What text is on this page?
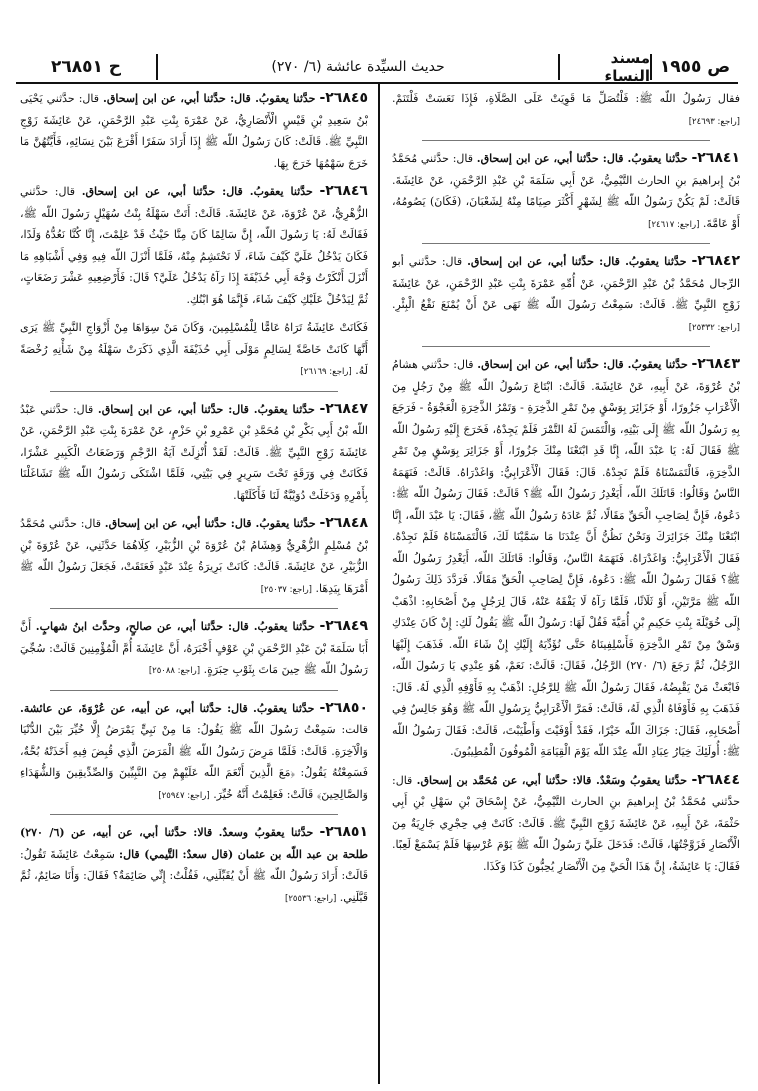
ص ١٩٥٥
مسند النساء
حديث السيِّدة عائشة (٦/ ٢٧٠)
ح ٢٦٨٥١

فقال رَسُولُ اللّه ﷺ: فَلْتُصَلِّ مَا قَوِيَتْ عَلَى الصَّلَاةِ، فَإِذَا نَعَسَتْ فَلْتَنَمْ. [راجع: ٢٤٦٩٣]

٢٦٨٤١- حدَّثنا يعقوبُ. قال: حدَّثنا أبي، عن ابن إسحاق. قال: حدَّثني مُحَمَّدُ بْنُ إِبراهيمَ بنِ الحارث التَّيْمِيُّ، عَنْ أَبِي سَلَمَةَ بْنِ عَبْدِ الرَّحْمَنِ، عَنْ عَائِشَةَ. قَالَتْ: لَمْ يَكُنْ رَسُولُ اللّه ﷺ لِشَهْرٍ أَكْثَرَ صِيَامًا مِنْهُ لِشَعْبَانَ، (فَكَانَ) يَصُومُهُ، أَوْ عَامَّةَ. [راجع: ٢٤٦١٧]

٢٦٨٤٢- حدَّثنا يعقوبُ. قال: حدَّثنا أبي، عن ابن إسحاق. قال: حدَّثني أبو الرِّجال مُحَمَّدُ بْنُ عَبْدِ الرَّحْمَنِ، عَنْ أُمِّهِ عَمْرَةَ بِنْتِ عَبْدِ الرَّحْمَنِ، عَنْ عَائِشَةَ زَوْجِ النَّبِيِّ ﷺ. قَالَتْ: سَمِعْتُ رَسُولَ اللّه ﷺ نَهَى عَنْ أَنْ يُمْنَعَ نَقْعُ الْبِئْرِ. [راجع: ٢٥٣٣٢]

٢٦٨٤٣- حدَّثنا يعقوبُ. قال: حدَّثنا أبي، عن ابن إسحاق. قال: حدَّثني هشامُ بْنُ عُرْوَةَ، عَنْ أَبِيهِ، عَنْ عَائِشَةَ. قَالَتْ: ابْتَاعَ رَسُولُ اللّه ﷺ مِنْ رَجُلٍ مِنَ الْأَعْرَابِ جَزُورًا، أَوْ جَزَائِرَ بِوَسْقٍ مِنْ تَمْرِ الذَّخِرَةِ - وَتَمْرُ الذَّخِرَةِ الْعَجْوَةُ - فَرَجَعَ بِهِ رَسُولُ اللّه ﷺ إِلَى بَيْتِهِ، وَالْتَمَسَ لَهُ التَّمْرَ فَلَمْ يَجِدْهُ، فَخَرَجَ إِلَيْهِ رَسُولُ اللّه ﷺ فَقَالَ لَهُ: يَا عَبْدَ اللّه، إِنَّا قَدِ ابْتَعْنَا مِنْكَ جَزُورًا، أَوْ جَزَائِرَ بِوَسْقٍ مِنْ تَمْرِ الذَّخِرَةِ، فَالْتَمَسْنَاهُ فَلَمْ نَجِدْهُ. قَالَ: فَقَالَ الْأَعْرَابِيُّ: وَاغَدْرَاهُ. قَالَتْ: فَنَهَمَهُ النَّاسُ وَقَالُوا: قَاتَلَكَ اللّه، أَيَغْدِرُ رَسُولُ اللّه ﷺ؟ قَالَتْ: فَقَالَ رَسُولُ اللّه ﷺ: دَعُوهُ، فَإِنَّ لِصَاحِبِ الْحَقِّ مَقَالًا، ثُمَّ عَادَهُ رَسُولُ اللّه ﷺ، فَقَالَ: يَا عَبْدَ اللّه، إِنَّا ابْتَعْنَا مِنْكَ جَزَائِرَكَ وَنَحْنُ نَظُنُّ أَنَّ عِنْدَنَا مَا سَمَّيْنَا لَكَ، فَالْتَمَسْنَاهُ فَلَمْ نَجِدْهُ. فَقَالَ الْأَعْرَابِيُّ: وَاغَدْرَاهُ. فَنَهَمَهُ النَّاسُ، وَقَالُوا: قَاتَلَكَ اللّه، أَيَغْدِرُ رَسُولُ اللّه ﷺ؟ فَقَالَ رَسُولُ اللّه ﷺ: دَعُوهُ، فَإِنَّ لِصَاحِبِ الْحَقِّ مَقَالًا. فَرَدَّدَ ذَلِكَ رَسُولُ اللّه ﷺ مَرَّتَيْنِ، أَوْ ثَلَاثًا، فَلَمَّا رَآهُ لَا يَفْقَهُ عَنْهُ، قَالَ لِرَجُلٍ مِنْ أَصْحَابِهِ: اذْهَبْ إِلَى خُوَيْلَةَ بِنْتِ حَكِيمِ بْنِ أُمَيَّةَ فَقُلْ لَهَا: رَسُولُ اللّه ﷺ يَقُولُ لَكِ: إِنْ كَانَ عِنْدَكِ وَسْقٌ مِنْ تَمْرِ الذَّخِرَةِ فَأَسْلِفِينَاهُ حَتَّى نُؤَدِّيَهُ إِلَيْكِ إِنْ شَاءَ اللّه. فَذَهَبَ إِلَيْهَا الرَّجُلُ، ثُمَّ رَجَعَ (٦/ ٢٧٠) الرَّجُلُ، فَقَالَ: قَالَتْ: نَعَمْ، هُوَ عِنْدِي يَا رَسُولَ اللّه، فَابْعَثْ مَنْ يَقْبِضُهُ، فَقَالَ رَسُولُ اللّه ﷺ لِلرَّجُلِ: اذْهَبْ بِهِ فَأَوْفِهِ الَّذِي لَهُ. قَالَ: فَذَهَبَ بِهِ فَأَوْفَاهُ الَّذِي لَهُ، قَالَتْ: فَمَرَّ الْأَعْرَابِيُّ بِرَسُولِ اللّه ﷺ وَهُوَ جَالِسٌ فِي أَصْحَابِهِ، فَقَالَ: جَزَاكَ اللّه خَيْرًا، فَقَدْ أَوْفَيْتَ وَأَطْيَبْتَ، قَالَتْ: فَقَالَ رَسُولُ اللّه ﷺ: أُولَئِكَ خِيَارُ عِبَادِ اللّه عِنْدَ اللّه يَوْمَ الْقِيَامَةِ الْمُوفُونَ الْمُطِيبُونَ.

٢٦٨٤٤- حدَّثنا يعقوبُ وسَعْدٌ. قالا: حدَّثنا أبي، عن مُحَمَّد بن إسحاق. قال: حدَّثني مُحَمَّدُ بْنُ إِبراهيمَ بنِ الحارث التَّيْمِيُّ، عَنْ إِسْحَاقَ بْنِ سَهْلِ بْنِ أَبِي حَثْمَةَ، عَنْ أَبِيهِ، عَنْ عَائِشَةَ زَوْجِ النَّبِيِّ ﷺ. قَالَتْ: كَانَتْ فِي حِجْرِي جَارِيَةٌ مِنَ الْأَنْصَارِ فَزَوَّجْتُهَا، قَالَتْ: فَدَخَلَ عَلَيَّ رَسُولُ اللّه ﷺ يَوْمَ عُرْسِهَا فَلَمْ يَسْمَعْ لَعِبًا. فَقَالَ: يَا عَائِشَةُ، إِنَّ هَذَا الْحَيَّ مِنَ الْأَنْصَارِ يُحِبُّونَ كَذَا وَكَذَا.

٢٦٨٤٥- حدَّثنا يعقوبُ. قال: حدَّثنا أبي، عن ابن إسحاق. قال: حدَّثني يَحْيَى بْنُ سَعِيدِ بْنِ قَيْسٍ الْأَنْصَارِيُّ، عَنْ عَمْرَةَ بِنْتِ عَبْدِ الرَّحْمَنِ، عَنْ عَائِشَةَ زَوْجِ النَّبِيِّ ﷺ. قَالَتْ: كَانَ رَسُولُ اللّه ﷺ إِذَا أَرَادَ سَفَرًا أَقْرَعَ بَيْنَ نِسَائِهِ، فَأَيَّتُهُنَّ مَا خَرَجَ سَهْمُهَا خَرَجَ بِهَا.

٢٦٨٤٦- حدَّثنا يعقوبُ. قال: حدَّثنا أبي، عن ابن إسحاق. قال: حدَّثني الزُّهْرِيُّ، عَنْ عُرْوَةَ، عَنْ عَائِشَةَ. قَالَتْ: أَتَتْ سَهْلَةُ بِنْتُ سُهَيْلٍ رَسُولَ اللّه ﷺ، فَقَالَتْ لَهُ: يَا رَسُولَ اللّه، إِنَّ سَالِمًا كَانَ مِنَّا حَيْثُ قَدْ عَلِمْتَ، إِنَّا كُنَّا نَعُدُّهُ وَلَدًا، فَكَانَ يَدْخُلُ عَلَيَّ كَيْفَ شَاءَ، لَا نَحْتَشِمُ مِنْهُ، فَلَمَّا أَنْزَلَ اللّه فِيهِ وَفِي أَشْبَاهِهِ مَا أَنْزَلَ أَنْكَرْتُ وَجْهَ أَبِي حُذَيْفَةَ إِذَا رَآهُ يَدْخُلُ عَلَيَّ؟ قَالَ: فَأَرْضِعِيهِ عَشْرَ رَضَعَاتٍ، ثُمَّ لِيَدْخُلْ عَلَيْكِ كَيْفَ شَاءَ، فَإِنَّمَا هُوَ ابْنُكِ.

فَكَانَتْ عَائِشَةُ تَرَاهُ عَامًّا لِلْمُسْلِمِينَ، وَكَانَ مَنْ سِوَاهَا مِنْ أَزْوَاجِ النَّبِيِّ ﷺ يَرَى أَنَّهَا كَانَتْ خَاصَّةً لِسَالِمٍ مَوْلَى أَبِي حُذَيْفَةَ الَّذِي ذَكَرَتْ سَهْلَةُ مِنْ شَأْنِهِ رُخْصَةً لَهُ. [راجع: ٢٦١٦٩]

٢٦٨٤٧- حدَّثنا يعقوبُ. قال: حدَّثنا أبي، عن ابن إسحاق. قال: حدَّثني عَبْدُ اللّه بْنُ أَبِي بَكْرِ بْنِ مُحَمَّدِ بْنِ عَمْرِو بْنِ حَزْمٍ، عَنْ عَمْرَةَ بِنْتِ عَبْدِ الرَّحْمَنِ، عَنْ عَائِشَةَ زَوْجِ النَّبِيِّ ﷺ. قَالَتْ: لَقَدْ أُنْزِلَتْ آيَةُ الرَّجْمِ وَرَضَعَاتُ الْكَبِيرِ عَشْرًا، فَكَانَتْ فِي وَرَقَةٍ تَحْتَ سَرِيرٍ فِي بَيْتِي، فَلَمَّا اشْتَكَى رَسُولُ اللّه ﷺ تَشَاغَلْنَا بِأَمْرِهِ وَدَخَلَتْ دُوَيْبَّةٌ لَنَا فَأَكَلَتْهَا.

٢٦٨٤٨- حدَّثنا يعقوبُ. قال: حدَّثنا أبي، عن ابن إسحاق. قال: حدَّثني مُحَمَّدُ بْنُ مُسْلِمٍ الزُّهْرِيُّ وَهِشَامُ بْنُ عُرْوَةَ بْنِ الزُّبَيْرِ، كِلَاهُمَا حَدَّثَنِي، عَنْ عُرْوَةَ بْنِ الزُّبَيْرِ، عَنْ عَائِشَةَ. قَالَتْ: كَانَتْ بَرِيرَةُ عِنْدَ عَبْدٍ فَعَتَقَتْ، فَجَعَلَ رَسُولُ اللّه ﷺ أَمْرَهَا بِيَدِهَا. [راجع: ٢٥٠٣٧]

٢٦٨٤٩- حدَّثنا يعقوبُ. قال: حدَّثنا أبي، عن صالحٍ، وحدَّث ابنُ شهابٍ. أَنَّ أَبَا سَلَمَةَ بْنَ عَبْدِ الرَّحْمَنِ بْنِ عَوْفٍ أَخْبَرَهُ، أَنَّ عَائِشَةَ أُمَّ الْمُؤْمِنِينَ قَالَتْ: سُجِّيَ رَسُولُ اللّه ﷺ حِينَ مَاتَ بِثَوْبِ حِبَرَةٍ. [راجع: ٢٥٠٨٨]

٢٦٨٥٠- حدَّثنا يعقوبُ. قال: حدَّثنا أبي، عن أبيه، عن عُرْوَةَ، عن عائشة. قالت: سَمِعْتُ رَسُولَ اللّه ﷺ يَقُولُ: مَا مِنْ نَبِيٍّ يَمْرَضُ إِلَّا خُيِّرَ بَيْنَ الدُّنْيَا وَالْآخِرَةِ. قَالَتْ: فَلَمَّا مَرِضَ رَسُولُ اللّه ﷺ الْمَرَضَ الَّذِي قُبِضَ فِيهِ أَخَذَتْهُ بُحَّةٌ، فَسَمِعْتُهُ يَقُولُ: ﴿مَعَ الَّذِينَ أَنْعَمَ اللّه عَلَيْهِمْ مِنَ النَّبِيِّينَ وَالصِّدِّيقِينَ وَالشُّهَدَاءِ وَالصَّالِحِينَ﴾ قَالَتْ: فَعَلِمْتُ أَنَّهُ خُيِّرَ. [راجع: ٢٥٩٤٧]

٢٦٨٥١- حدَّثنا يعقوبُ وسعدٌ. قالا: حدَّثنا أبي، عن أبيه، عن (٦/ ٢٧٠) طلحة بن عبد اللّه بن عثمان (قال سعدٌ: التَّيمي) قال: سَمِعْتُ عَائِشَةَ تَقُولُ: قَالَتْ: أَرَادَ رَسُولُ اللّه ﷺ أَنْ يُقَبِّلَنِي، فَقُلْتُ: إِنِّي صَائِمَةٌ؟ فَقَالَ: وَأَنَا صَائِمٌ، ثُمَّ قَبَّلَنِي. [راجع: ٢٥٥٣٦]
